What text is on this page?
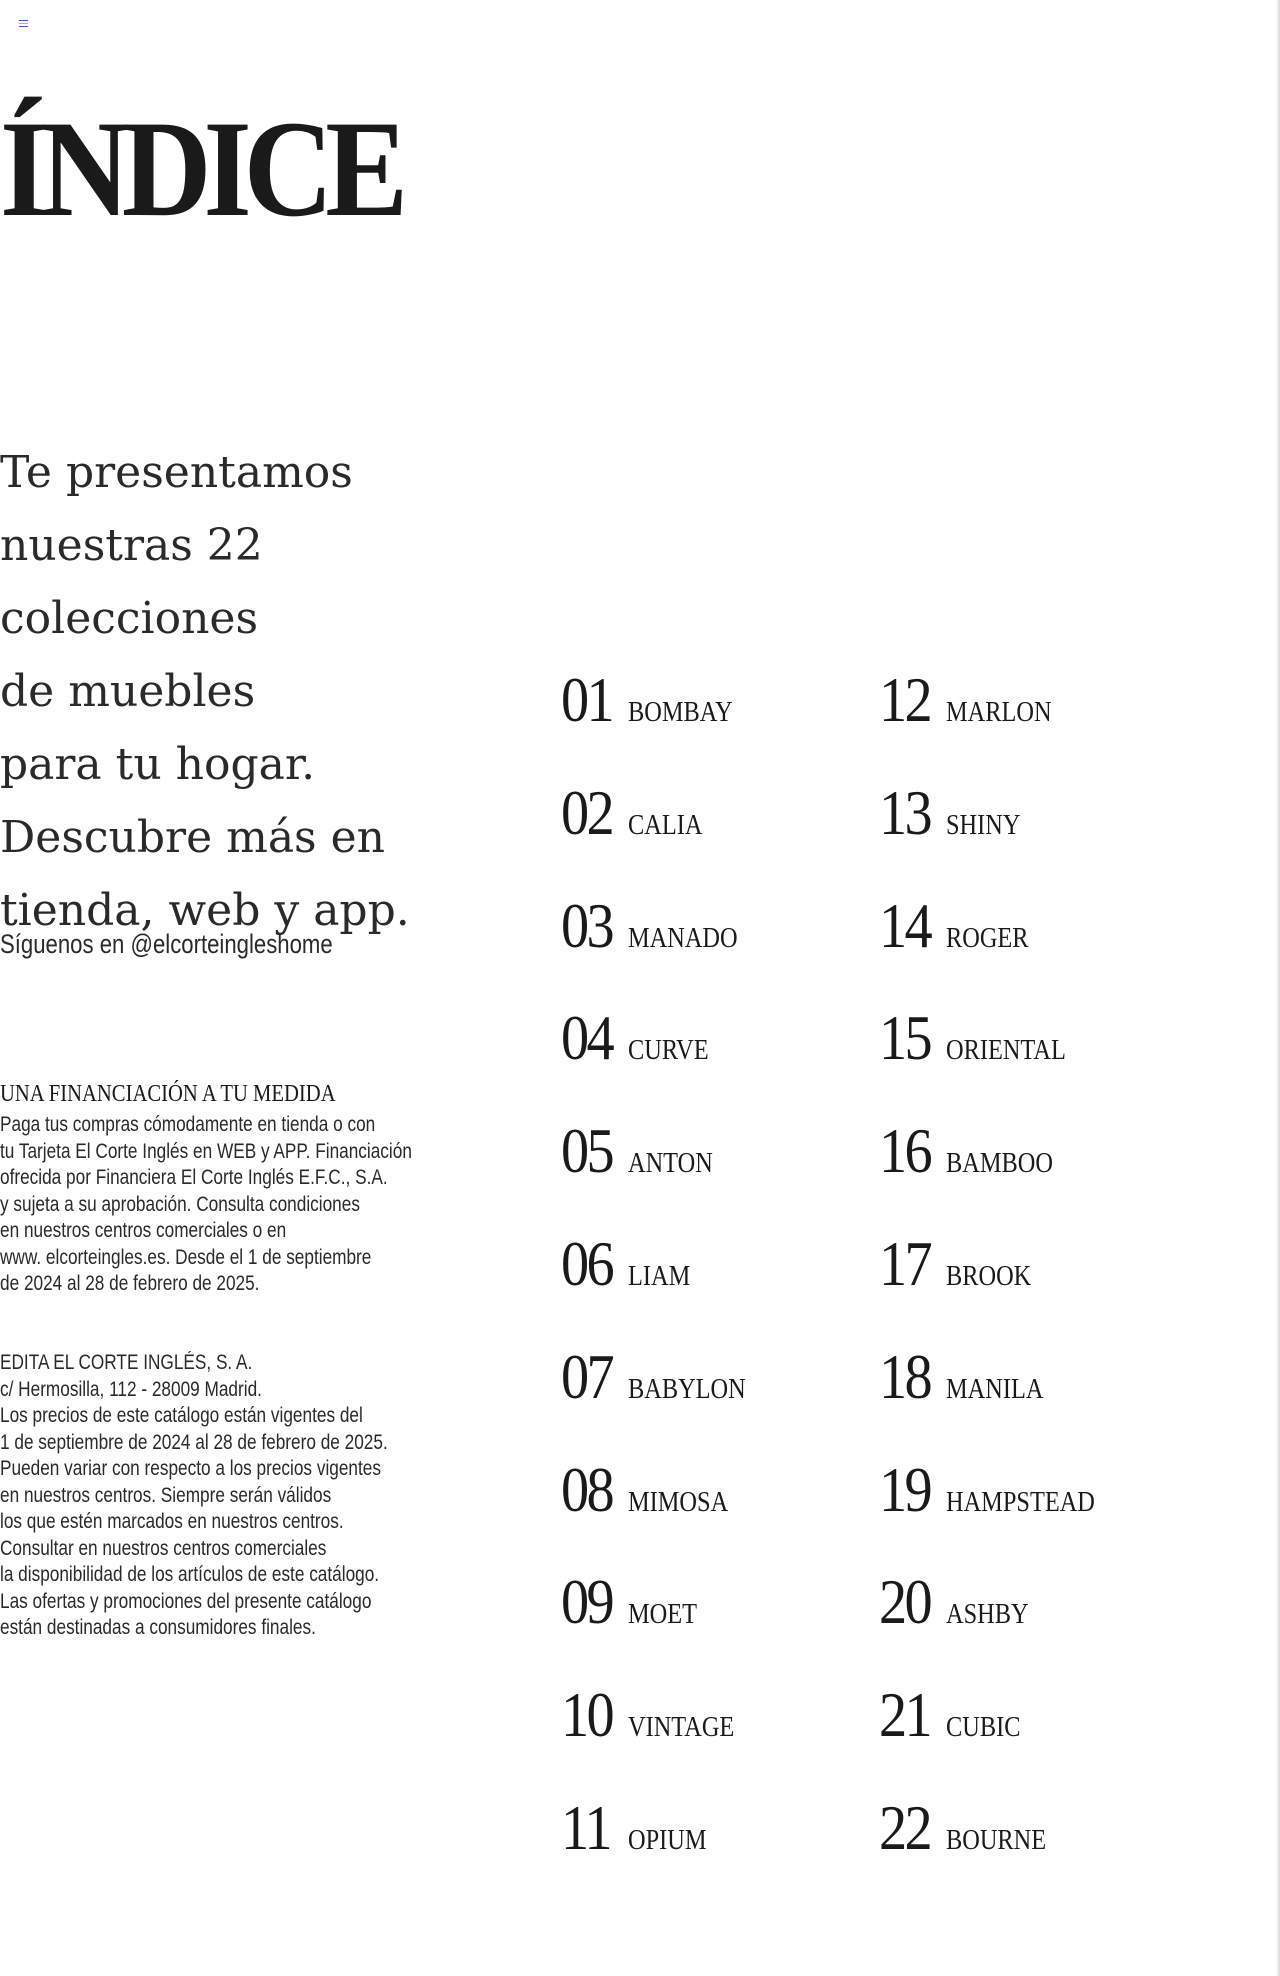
ÍNDICE

Te presentamos
nuestras 22 colecciones
de muebles
para tu hogar.
Descubre más en
tienda, web y app.

Síguenos en @elcorteingleshome
UNA FINANCIACIÓN A TU MEDIDA
Paga tus compras cómodamente en tienda o con
tu Tarjeta El Corte Inglés en WEB y APP. Financiación
ofrecida por Financiera El Corte Inglés E.F.C., S.A.
y sujeta a su aprobación. Consulta condiciones
en nuestros centros comerciales o en
www. elcorteingles.es. Desde el 1 de septiembre
de 2024 al 28 de febrero de 2025.
EDITA EL CORTE INGLÉS, S. A.
c/ Hermosilla, 112 - 28009 Madrid.
Los precios de este catálogo están vigentes del
1 de septiembre de 2024 al 28 de febrero de 2025.
Pueden variar con respecto a los precios vigentes
en nuestros centros. Siempre serán válidos
los que estén marcados en nuestros centros.
Consultar en nuestros centros comerciales
la disponibilidad de los artículos de este catálogo.
Las ofertas y promociones del presente catálogo
están destinadas a consumidores finales.
01 BOMBAY
02 CALIA
03 MANADO
04 CURVE
05 ANTON
06 LIAM
07 BABYLON
08 MIMOSA
09 MOET
10 VINTAGE
11 OPIUM
12 MARLON
13 SHINY
14 ROGER
15 ORIENTAL
16 BAMBOO
17 BROOK
18 MANILA
19 HAMPSTEAD
20 ASHBY
21 CUBIC
22 BOURNE
